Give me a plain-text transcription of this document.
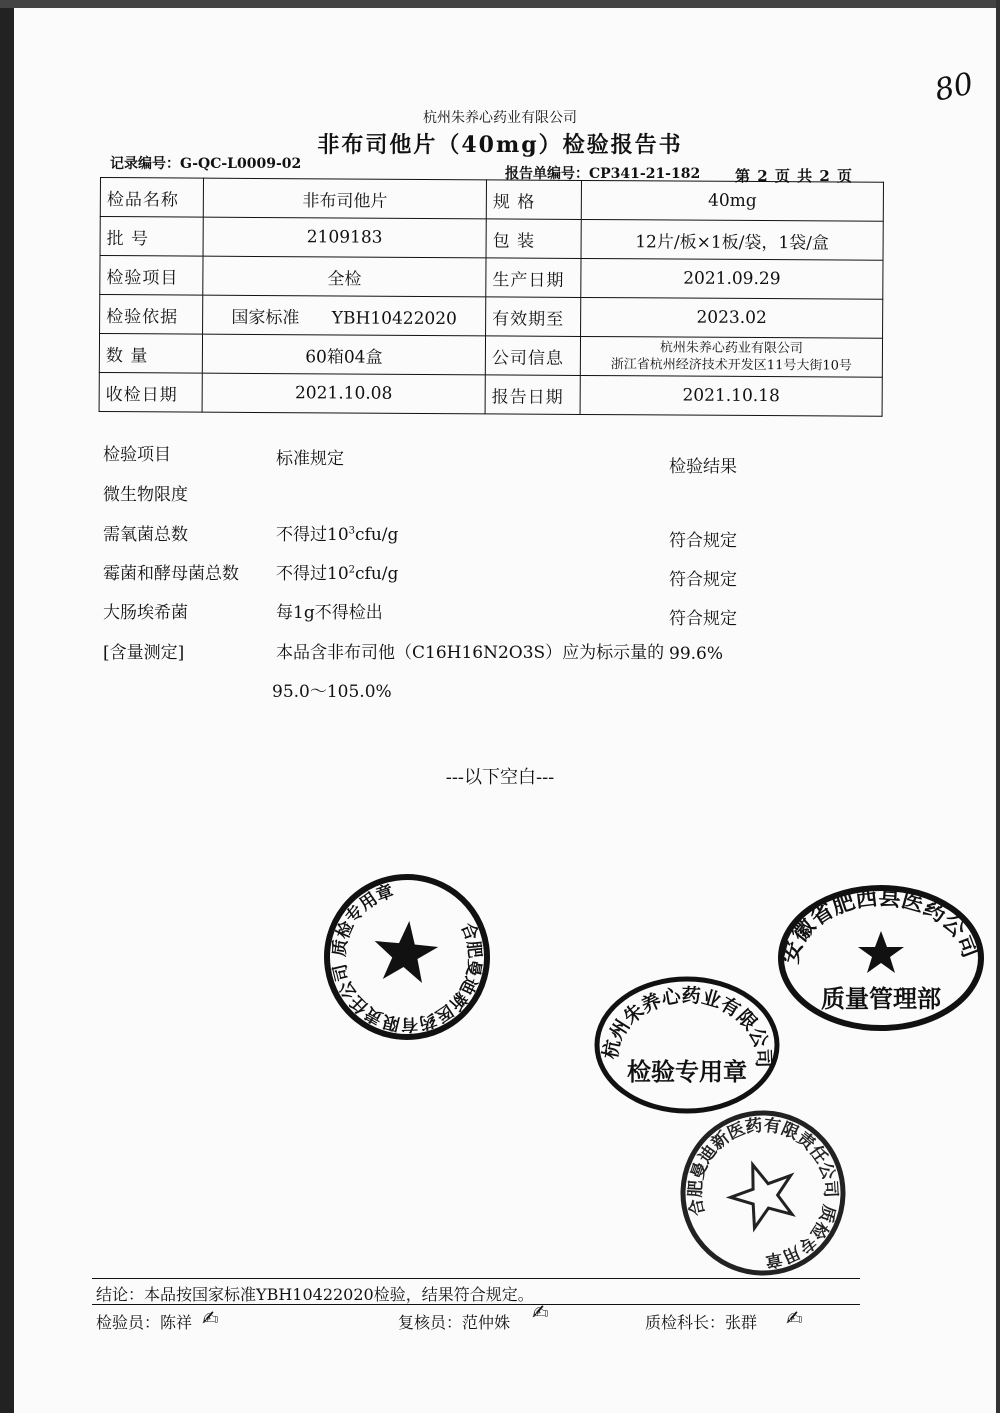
80
杭州朱养心药业有限公司
非布司他片（40mg）检验报告书
记录编号：G-QC-L0009-02
报告单编号：CP341-21-182 第 2 页 共 2 页
检品名称	非布司他片	规 格	40mg
批 号	2109183	包 装	12片/板×1板/袋，1袋/盒
检验项目	全检	生产日期	2021.09.29
检验依据	国家标准 YBH10422020	有效期至	2023.02
数 量	60箱04盒	公司信息	杭州朱养心药业有限公司
浙江省杭州经济技术开发区11号大街10号

收检日期	2021.10.08	报告日期	2021.10.18
检验项目	标准规定	检验结果
微生物限度
需氧菌总数	不得过$10^3cfu/g$	符合规定
霉菌和酵母菌总数 不得过$10^2cfu/g$	符合规定
大肠埃希菌	每1g不得检出	符合规定
[含量测定]	本品含非布司他（C16H16N2O3S）应为标示量的 99.6%
95.0～105.0%
---以下空白---
合肥曼迪新医药有限责任公司 质检专用章
杭州朱养心药业有限公司
检验专用章
安徽省肥西县医药公司
质量管理部
合肥曼迪新医药有限责任公司 质检专用章
结论：本品按国家标准YBH10422020检验，结果符合规定。
检验员：陈祥 ✍	复核员：范仲姝 ✍	质检科长：张群 ✍
